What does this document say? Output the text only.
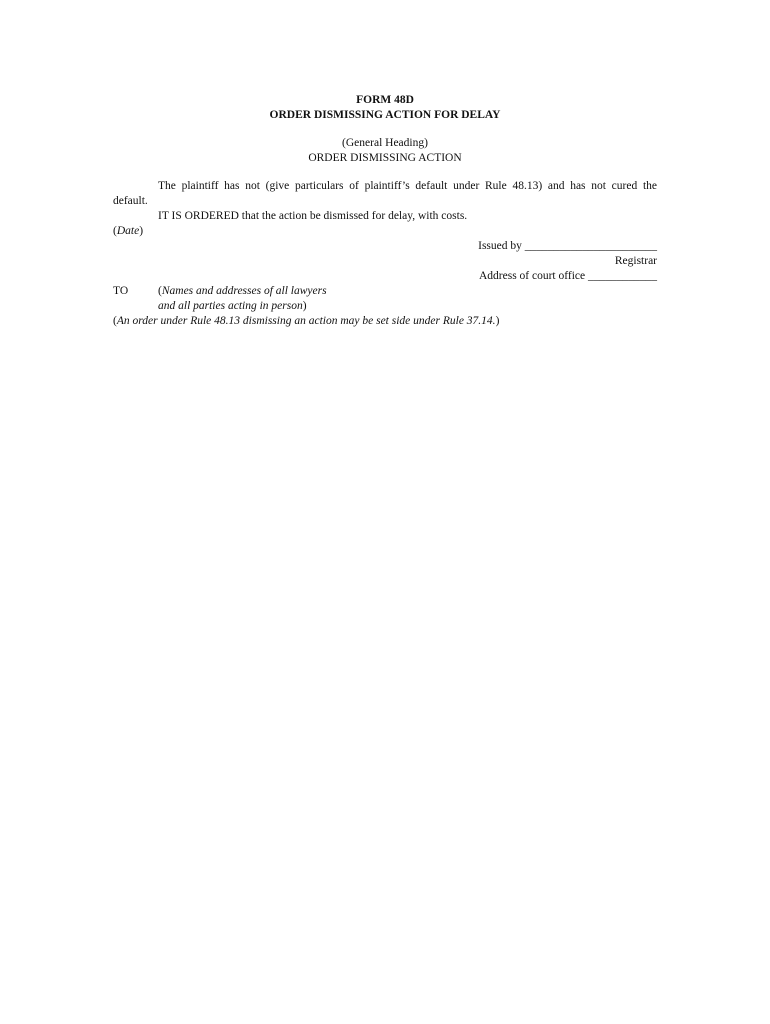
FORM 48D
ORDER DISMISSING ACTION FOR DELAY
(General Heading)
ORDER DISMISSING ACTION
The plaintiff has not (give particulars of plaintiff’s default under Rule 48.13) and has not cured the
default.
IT IS ORDERED that the action be dismissed for delay, with costs.
(Date)
Issued by _______________________
Registrar
Address of court office ____________
TO	(Names and addresses of all lawyers
and all parties acting in person)
(An order under Rule 48.13 dismissing an action may be set side under Rule 37.14.)
